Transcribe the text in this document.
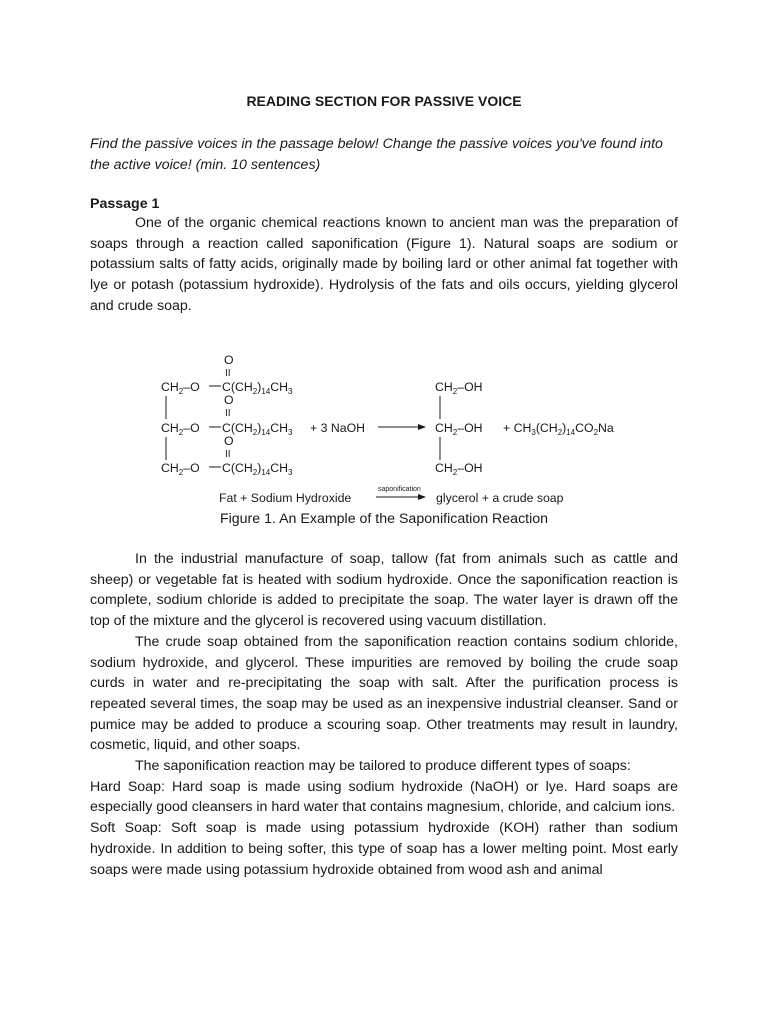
READING SECTION FOR PASSIVE VOICE
Find the passive voices in the passage below! Change the passive voices you've found into the active voice! (min. 10 sentences)
Passage 1

One of the organic chemical reactions known to ancient man was the preparation of soaps through a reaction called saponification (Figure 1). Natural soaps are sodium or potassium salts of fatty acids, originally made by boiling lard or other animal fat together with lye or potash (potassium hydroxide). Hydrolysis of the fats and oils occurs, yielding glycerol and crude soap.

O
II
$CH_2-O$ $C(CH_2)_{14}CH_3$
O
II
$CH_2-O$ $C(CH_2)_{14}CH_3 + 3$ NaOH
O
II
$CH_2-O$ $C(CH_2)_{14}CH_3$
$CH_2-OH$
$CH_2-OH$
$CH_2-OH$
+ $CH_3(CH_2)_{14}CO_2Na$
Fat + Sodium Hydroxide
saponification
glycerol + a crude soap
Figure 1. An Example of the Saponification Reaction

In the industrial manufacture of soap, tallow (fat from animals such as cattle and sheep) or vegetable fat is heated with sodium hydroxide. Once the saponification reaction is complete, sodium chloride is added to precipitate the soap. The water layer is drawn off the top of the mixture and the glycerol is recovered using vacuum distillation.

The crude soap obtained from the saponification reaction contains sodium chloride, sodium hydroxide, and glycerol. These impurities are removed by boiling the crude soap curds in water and re-precipitating the soap with salt. After the purification process is repeated several times, the soap may be used as an inexpensive industrial cleanser. Sand or pumice may be added to produce a scouring soap. Other treatments may result in laundry, cosmetic, liquid, and other soaps.

The saponification reaction may be tailored to produce different types of soaps:

Hard Soap: Hard soap is made using sodium hydroxide (NaOH) or lye. Hard soaps are especially good cleansers in hard water that contains magnesium, chloride, and calcium ions.

Soft Soap: Soft soap is made using potassium hydroxide (KOH) rather than sodium hydroxide. In addition to being softer, this type of soap has a lower melting point. Most early soaps were made using potassium hydroxide obtained from wood ash and animal
